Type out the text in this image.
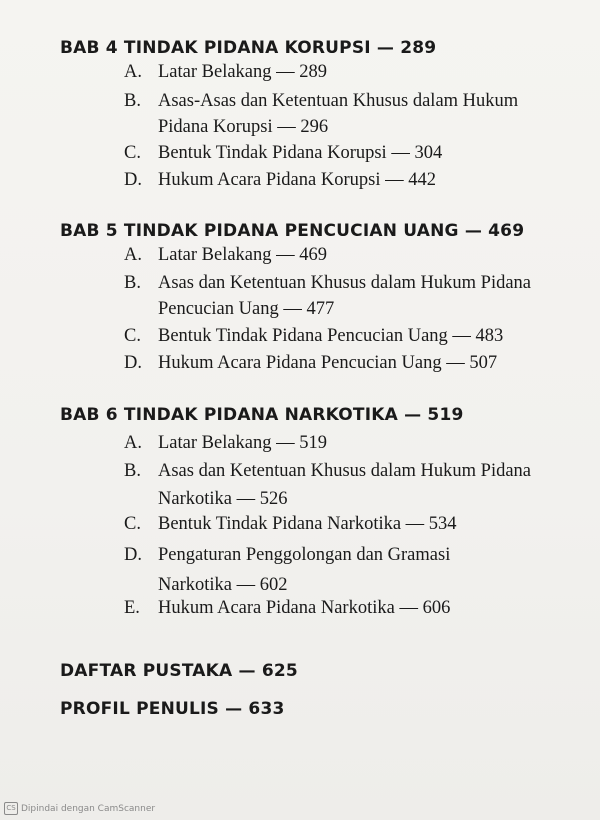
BAB 4 TINDAK PIDANA KORUPSI — 289
A. Latar Belakang — 289
B. Asas-Asas dan Ketentuan Khusus dalam Hukum
Pidana Korupsi — 296
C. Bentuk Tindak Pidana Korupsi — 304
D. Hukum Acara Pidana Korupsi — 442
BAB 5 TINDAK PIDANA PENCUCIAN UANG — 469
A. Latar Belakang — 469
B. Asas dan Ketentuan Khusus dalam Hukum Pidana
Pencucian Uang — 477
C. Bentuk Tindak Pidana Pencucian Uang — 483
D. Hukum Acara Pidana Pencucian Uang — 507
BAB 6 TINDAK PIDANA NARKOTIKA — 519
A. Latar Belakang — 519
B. Asas dan Ketentuan Khusus dalam Hukum Pidana
Narkotika — 526
C. Bentuk Tindak Pidana Narkotika — 534
D. Pengaturan Penggolongan dan Gramasi
Narkotika — 602
E. Hukum Acara Pidana Narkotika — 606
DAFTAR PUSTAKA — 625
PROFIL PENULIS — 633
CS Dipindai dengan CamScanner
